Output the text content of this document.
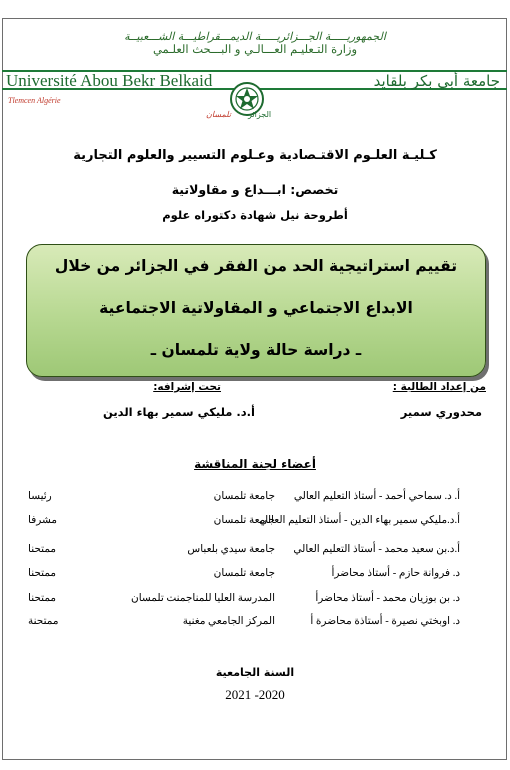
الجمهوريـــــة الجـــزائريـــــة الديمـــقراطيـــة الشـــعبيــة
وزارة التـعليـم العـــالـي و البـــحث العلـمي
Université Abou Bekr Belkaid
Tlemcen Algérie
جامعة أبي بكر بلقايد
تلمسان الجزائر
كـليـة العلـوم الاقتـصادية وعـلوم التسيير والعلوم التجارية
تخصص: ابـــداع و مقاولاتية
أطروحة نيل شهادة دكتوراه علوم
تقييم استراتيجية الحد من الفقر في الجزائر من خلال
الابداع الاجتماعي و المقاولاتية الاجتماعية
ـ دراسة حالة ولاية تلمسان ـ
من إعداد الطالبة :
تحت إشرافه:
محدوري سمير
أ.د. مليكي سمير بهاء الدين
أعضاء لجنة المناقشة
أ. د. سماحي أحمد - أستاذ التعليم العالي
جامعة تلمسان
رئيسا
أ.د.مليكي سمير بهاء الدين - أستاذ التعليم العالي
جامعة تلمسان
مشرفا
أ.د.بن سعيد محمد - أستاذ التعليم العالي
جامعة سيدي بلعباس
ممتحنا
د. فروانة حازم - أستاذ محاضرأ
جامعة تلمسان
ممتحنا
د. بن بوزيان محمد - أستاذ محاضرأ
المدرسة العليا للمناجمنت تلمسان
ممتحنا
د. اوبختي نصيرة - أستاذة محاضرة أ
المركز الجامعي مغنية
ممتحنة
السنة الجامعية
2021 -2020
